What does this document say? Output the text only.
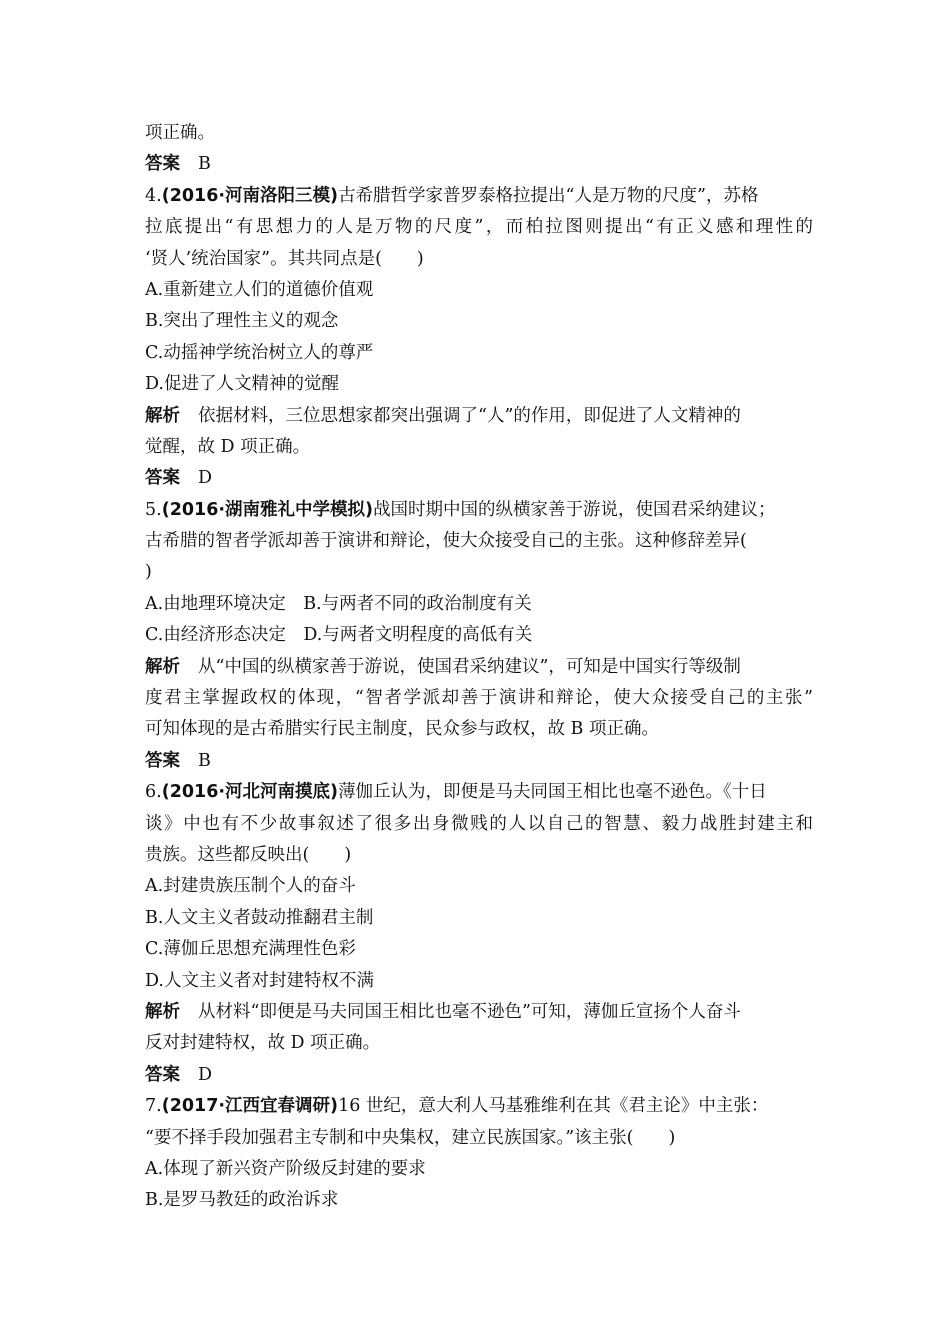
项正确。
答案 B
4.(2016·河南洛阳三模)古希腊哲学家普罗泰格拉提出“人是万物的尺度”，苏格
拉底提出“有思想力的人是万物的尺度”，而柏拉图则提出“有正义感和理性的
‘贤人’统治国家”。其共同点是(　　)
A.重新建立人们的道德价值观
B.突出了理性主义的观念
C.动摇神学统治树立人的尊严
D.促进了人文精神的觉醒
解析 依据材料，三位思想家都突出强调了“人”的作用，即促进了人文精神的
觉醒，故 D 项正确。
答案 D
5.(2016·湖南雅礼中学模拟)战国时期中国的纵横家善于游说，使国君采纳建议；
古希腊的智者学派却善于演讲和辩论，使大众接受自己的主张。这种修辞差异(
)
A.由地理环境决定　B.与两者不同的政治制度有关
C.由经济形态决定　D.与两者文明程度的高低有关
解析 从“中国的纵横家善于游说，使国君采纳建议”，可知是中国实行等级制
度君主掌握政权的体现，“智者学派却善于演讲和辩论，使大众接受自己的主张”
可知体现的是古希腊实行民主制度，民众参与政权，故 B 项正确。
答案 B
6.(2016·河北河南摸底)薄伽丘认为，即便是马夫同国王相比也毫不逊色。《十日
谈》中也有不少故事叙述了很多出身微贱的人以自己的智慧、毅力战胜封建主和
贵族。这些都反映出(　　)
A.封建贵族压制个人的奋斗
B.人文主义者鼓动推翻君主制
C.薄伽丘思想充满理性色彩
D.人文主义者对封建特权不满
解析 从材料“即便是马夫同国王相比也毫不逊色”可知，薄伽丘宣扬个人奋斗
反对封建特权，故 D 项正确。
答案 D
7.(2017·江西宜春调研)16 世纪，意大利人马基雅维利在其《君主论》中主张：
“要不择手段加强君主专制和中央集权，建立民族国家。”该主张(　　)
A.体现了新兴资产阶级反封建的要求
B.是罗马教廷的政治诉求
